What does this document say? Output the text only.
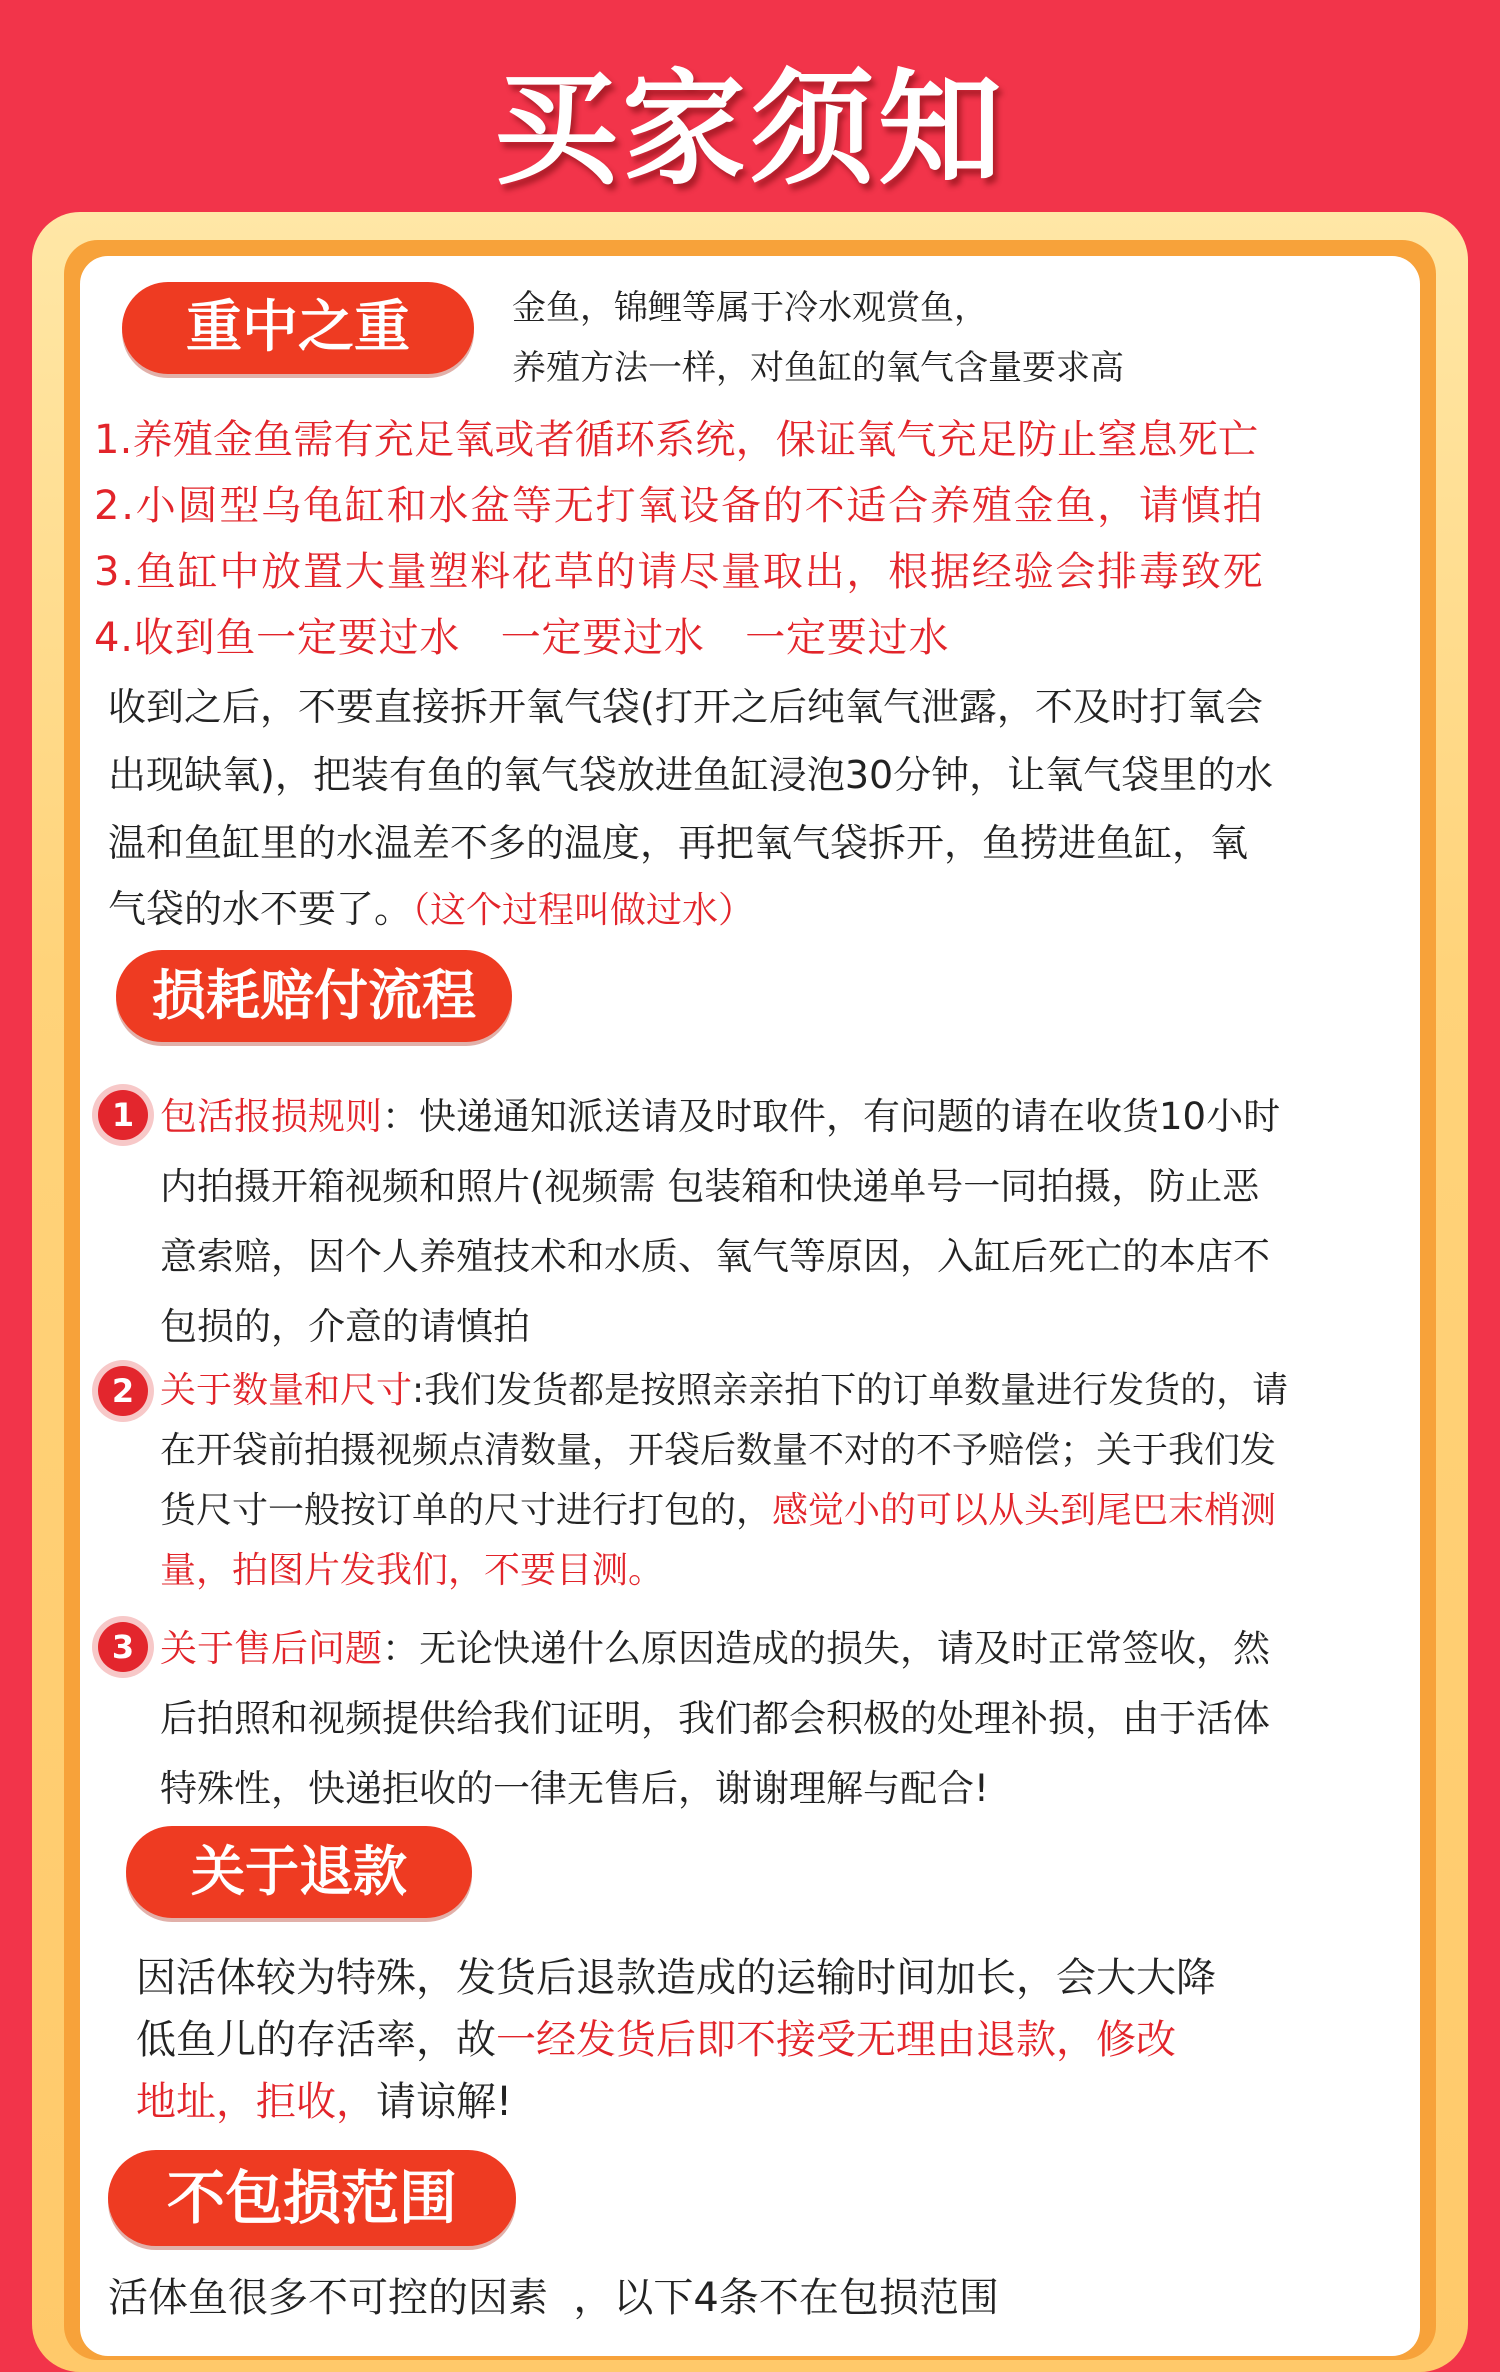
买家须知
重中之重	金鱼，锦鲤等属于冷水观赏鱼，
养殖方法一样，对鱼缸的氧气含量要求高
1.养殖金鱼需有充足氧或者循环系统，保证氧气充足防止窒息死亡
2.小圆型乌龟缸和水盆等无打氧设备的不适合养殖金鱼，请慎拍
3.鱼缸中放置大量塑料花草的请尽量取出，根据经验会排毒致死
4.收到鱼一定要过水   一定要过水   一定要过水
收到之后，不要直接拆开氧气袋(打开之后纯氧气泄露，不及时打氧会
出现缺氧)，把装有鱼的氧气袋放进鱼缸浸泡30分钟，让氧气袋里的水
温和鱼缸里的水温差不多的温度，再把氧气袋拆开，鱼捞进鱼缸，氧
气袋的水不要了。（这个过程叫做过水）
损耗赔付流程
1 包活报损规则：快递通知派送请及时取件，有问题的请在收货10小时
内拍摄开箱视频和照片(视频需 包装箱和快递单号一同拍摄，防止恶
意索赔，因个人养殖技术和水质、氧气等原因，入缸后死亡的本店不
包损的，介意的请慎拍
2 关于数量和尺寸:我们发货都是按照亲亲拍下的订单数量进行发货的，请
在开袋前拍摄视频点清数量，开袋后数量不对的不予赔偿；关于我们发
货尺寸一般按订单的尺寸进行打包的，感觉小的可以从头到尾巴末梢测
量，拍图片发我们，不要目测。
3 关于售后问题：无论快递什么原因造成的损失，请及时正常签收，然
后拍照和视频提供给我们证明，我们都会积极的处理补损，由于活体
特殊性，快递拒收的一律无售后，谢谢理解与配合!
关于退款
因活体较为特殊，发货后退款造成的运输时间加长，会大大降
低鱼儿的存活率，故一经发货后即不接受无理由退款，修改
地址，拒收，请谅解!
不包损范围
活体鱼很多不可控的因素  ，以下4条不在包损范围
